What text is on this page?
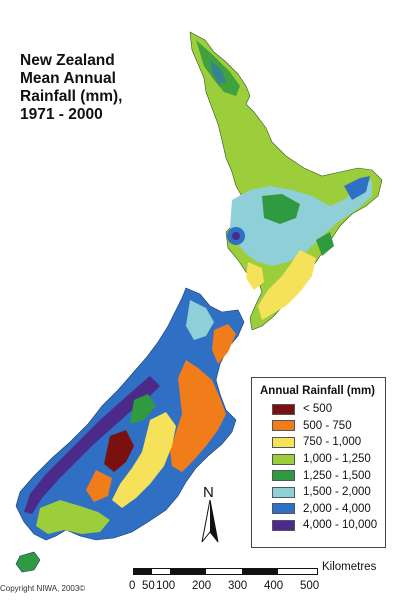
New Zealand
Mean Annual
Rainfall (mm),
1971 - 2000
Annual Rainfall (mm)
< 500
500 - 750
750 - 1,000
1,000 - 1,250
1,250 - 1,500
1,500 - 2,000
2,000 - 4,000
4,000 - 10,000
N
Kilometres
0 50 100 200 300 400 500
Copyright NIWA, 2003©
